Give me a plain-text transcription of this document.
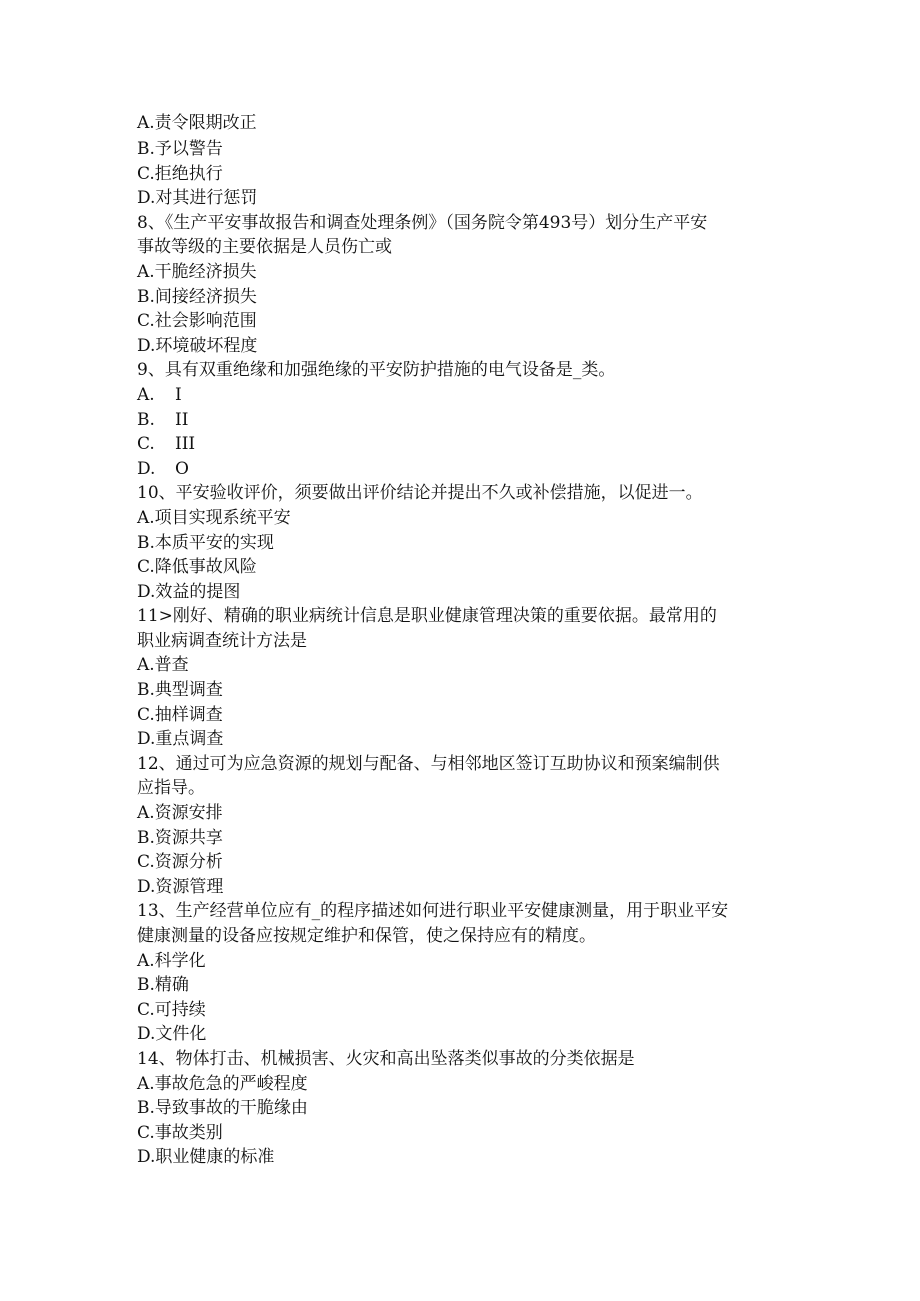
A.责令限期改正
B.予以警告
C.拒绝执行
D.对其进行惩罚
8、《生产平安事故报告和调查处理条例》（国务院令第493号）划分生产平安
事故等级的主要依据是人员伤亡或
A.干脆经济损失
B.间接经济损失
C.社会影响范围
D.环境破坏程度
9、具有双重绝缘和加强绝缘的平安防护措施的电气设备是_类。
A.	I
B.	II
C.	III
D.	O
10、平安验收评价，须要做出评价结论并提出不久或补偿措施，以促进一。
A.项目实现系统平安
B.本质平安的实现
C.降低事故风险
D.效益的提图
11>刚好、精确的职业病统计信息是职业健康管理决策的重要依据。最常用的
职业病调查统计方法是
A.普查
B.典型调查
C.抽样调查
D.重点调查
12、通过可为应急资源的规划与配备、与相邻地区签订互助协议和预案编制供
应指导。
A.资源安排
B.资源共享
C.资源分析
D.资源管理
13、生产经营单位应有_的程序描述如何进行职业平安健康测量，用于职业平安
健康测量的设备应按规定维护和保管，使之保持应有的精度。
A.科学化
B.精确
C.可持续
D.文件化
14、物体打击、机械损害、火灾和高出坠落类似事故的分类依据是
A.事故危急的严峻程度
B.导致事故的干脆缘由
C.事故类别
D.职业健康的标准
